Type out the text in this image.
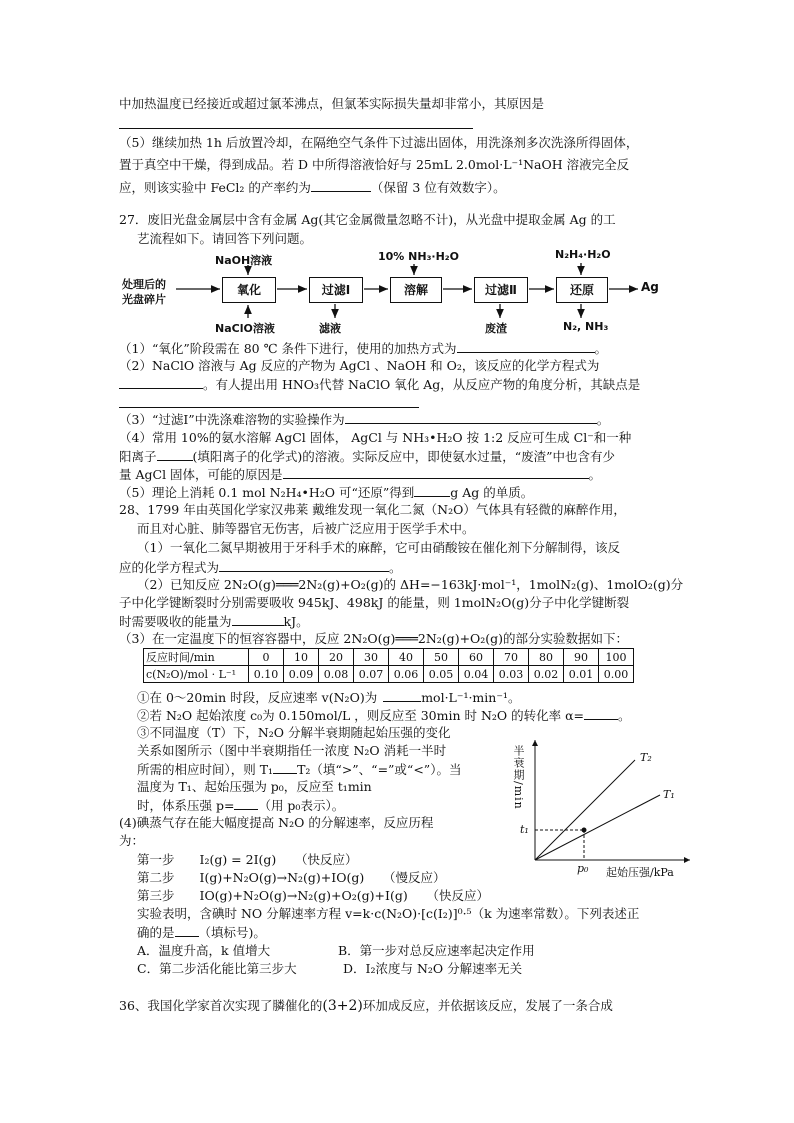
中加热温度已经接近或超过氯苯沸点，但氯苯实际损失量却非常小，其原因是
（5）继续加热 1h 后放置冷却，在隔绝空气条件下过滤出固体，用洗涤剂多次洗涤所得固体，
置于真空中干燥，得到成品。若 D 中所得溶液恰好与 25mL 2.0mol·L⁻¹NaOH 溶液完全反
应，则该实验中 FeCl₂ 的产率约为	（保留 3 位有效数字）。
27．废旧光盘金属层中含有金属 Ag(其它金属微量忽略不计)，从光盘中提取金属 Ag 的工
艺流程如下。请回答下列问题。
处理后的
光盘碎片
NaOH溶液
NaClO溶液	滤液
10% NH₃·H₂O
废渣
N₂H₄·H₂O
N₂, NH₃
Ag
氧化	过滤Ⅰ	溶解	过滤Ⅱ	还原
（1）“氧化”阶段需在 80 ℃ 条件下进行，使用的加热方式为	。
（2）NaClO 溶液与 Ag 反应的产物为 AgCl 、NaOH 和 O₂，该反应的化学方程式为
。有人提出用 HNO₃代替 NaClO 氧化 Ag，从反应产物的角度分析，其缺点是
（3）“过滤Ⅰ”中洗涤难溶物的实验操作为	。
（4）常用 10%的氨水溶解 AgCl 固体， AgCl 与 NH₃•H₂O 按 1:2 反应可生成 Cl⁻和一种
阳离子	(填阳离子的化学式)的溶液。实际反应中，即使氨水过量，“废渣”中也含有少
量 AgCl 固体，可能的原因是	。
（5）理论上消耗 0.1 mol N₂H₄•H₂O 可“还原”得到	g Ag 的单质。
28、1799 年由英国化学家汉弗莱 戴维发现一氧化二氮（N₂O）气体具有轻微的麻醉作用，
而且对心脏、肺等器官无伤害，后被广泛应用于医学手术中。
（1）一氧化二氮早期被用于牙科手术的麻醉，它可由硝酸铵在催化剂下分解制得，该反
应的化学方程式为	。
（2）已知反应 2N₂O(g)═══2N₂(g)+O₂(g)的 ΔH=−163kJ·mol⁻¹，1molN₂(g)、1molO₂(g)分
子中化学键断裂时分别需要吸收 945kJ、498kJ 的能量，则 1molN₂O(g)分子中化学键断裂
时需要吸收的能量为	kJ。
（3）在一定温度下的恒容容器中，反应 2N₂O(g)═══2N₂(g)+O₂(g)的部分实验数据如下：
反应时间/min	0	10	20	30	40	50	60	70	80	90	100
c(N₂O)/mol · L⁻¹	0.10	0.09	0.08	0.07	0.06	0.05	0.04	0.03	0.02	0.01	0.00
①在 0～20min 时段，反应速率 v(N₂O)为	mol·L⁻¹·min⁻¹。
②若 N₂O 起始浓度 c₀为 0.150mol/L ，则反应至 30min 时 N₂O 的转化率 α=	。
③不同温度（T）下，N₂O 分解半衰期随起始压强的变化
关系如图所示（图中半衰期指任一浓度 N₂O 消耗一半时
所需的相应时间），则 T₁ T₂（填“>”、“=”或“<”）。当
温度为 T₁、起始压强为 p₀，反应至 t₁min
时，体系压强 p= （用 p₀表示）。
(4)碘蒸气存在能大幅度提高 N₂O 的分解速率，反应历程
为：
第一步　　I₂(g) = 2I(g)　　（快反应）
第二步　　I(g)+N₂O(g)→N₂(g)+IO(g)　　（慢反应）
第三步　　IO(g)+N₂O(g)→N₂(g)+O₂(g)+I(g)　　（快反应）
实验表明，含碘时 NO 分解速率方程 v=k·c(N₂O)·[c(I₂)]⁰·⁵（k 为速率常数）。下列表述正
确的是 （填标号)。
A．温度升高，k 值增大	B．第一步对总反应速率起决定作用
C．第二步活化能比第三步大	D．I₂浓度与 N₂O 分解速率无关
半衰期/min	T₂
T₁
t₁
p₀ 起始压强/kPa
36、我国化学家首次实现了膦催化的(3+2)环加成反应，并依据该反应，发展了一条合成
